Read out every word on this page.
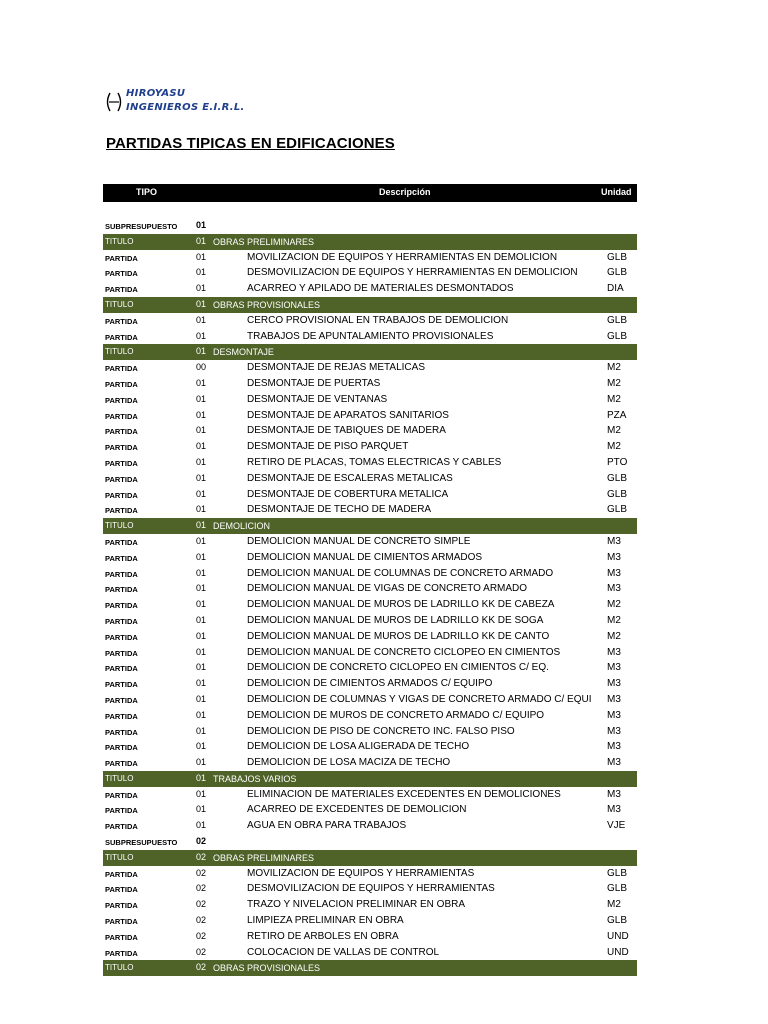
HIROYASU
INGENIEROS E.I.R.L.
PARTIDAS TIPICAS EN EDIFICACIONES
TIPO	Descripción	Unidad
SUBPRESUPUESTO 01
TITULO	01 OBRAS PRELIMINARES
PARTIDA	01	MOVILIZACION DE EQUIPOS Y HERRAMIENTAS EN DEMOLICION	GLB
PARTIDA	01	DESMOVILIZACION DE EQUIPOS Y HERRAMIENTAS EN DEMOLICION	GLB
PARTIDA	01	ACARREO Y APILADO DE MATERIALES DESMONTADOS	DIA
TITULO	01 OBRAS PROVISIONALES
PARTIDA	01	CERCO PROVISIONAL EN TRABAJOS DE DEMOLICION	GLB
PARTIDA	01	TRABAJOS DE APUNTALAMIENTO PROVISIONALES	GLB
TITULO	01 DESMONTAJE
PARTIDA	00	DESMONTAJE DE REJAS METALICAS	M2
PARTIDA	01	DESMONTAJE DE PUERTAS	M2
PARTIDA	01	DESMONTAJE DE VENTANAS	M2
PARTIDA	01	DESMONTAJE DE APARATOS SANITARIOS	PZA
PARTIDA	01	DESMONTAJE DE TABIQUES DE MADERA	M2
PARTIDA	01	DESMONTAJE DE PISO PARQUET	M2
PARTIDA	01	RETIRO DE PLACAS, TOMAS ELECTRICAS Y CABLES	PTO
PARTIDA	01	DESMONTAJE DE ESCALERAS METALICAS	GLB
PARTIDA	01	DESMONTAJE DE COBERTURA METALICA	GLB
PARTIDA	01	DESMONTAJE DE TECHO DE MADERA	GLB
TITULO	01 DEMOLICION
PARTIDA	01	DEMOLICION MANUAL DE CONCRETO SIMPLE	M3
PARTIDA	01	DEMOLICION MANUAL DE CIMIENTOS ARMADOS	M3
PARTIDA	01	DEMOLICION MANUAL DE COLUMNAS DE CONCRETO ARMADO	M3
PARTIDA	01	DEMOLICION MANUAL DE VIGAS DE CONCRETO ARMADO	M3
PARTIDA	01	DEMOLICION MANUAL DE MUROS DE LADRILLO KK DE CABEZA	M2
PARTIDA	01	DEMOLICION MANUAL DE MUROS DE LADRILLO KK DE SOGA	M2
PARTIDA	01	DEMOLICION MANUAL DE MUROS DE LADRILLO KK DE CANTO	M2
PARTIDA	01	DEMOLICION MANUAL DE CONCRETO CICLOPEO EN CIMIENTOS	M3
PARTIDA	01	DEMOLICION DE CONCRETO CICLOPEO EN CIMIENTOS C/ EQ.	M3
PARTIDA	01	DEMOLICION DE CIMIENTOS ARMADOS C/ EQUIPO	M3
PARTIDA	01	DEMOLICION DE COLUMNAS Y VIGAS DE CONCRETO ARMADO C/ EQUI	M3
PARTIDA	01	DEMOLICION DE MUROS DE CONCRETO ARMADO C/ EQUIPO	M3
PARTIDA	01	DEMOLICION DE PISO DE CONCRETO INC. FALSO PISO	M3
PARTIDA	01	DEMOLICION DE LOSA ALIGERADA DE TECHO	M3
PARTIDA	01	DEMOLICION DE LOSA MACIZA DE TECHO	M3
TITULO	01 TRABAJOS VARIOS
PARTIDA	01	ELIMINACION DE MATERIALES EXCEDENTES EN DEMOLICIONES	M3
PARTIDA	01	ACARREO DE EXCEDENTES DE DEMOLICION	M3
PARTIDA	01	AGUA EN OBRA PARA TRABAJOS	VJE
SUBPRESUPUESTO 02
TITULO	02 OBRAS PRELIMINARES
PARTIDA	02	MOVILIZACION DE EQUIPOS Y HERRAMIENTAS	GLB
PARTIDA	02	DESMOVILIZACION DE EQUIPOS Y HERRAMIENTAS	GLB
PARTIDA	02	TRAZO Y NIVELACION PRELIMINAR EN OBRA	M2
PARTIDA	02	LIMPIEZA PRELIMINAR EN OBRA	GLB
PARTIDA	02	RETIRO DE ARBOLES EN OBRA	UND
PARTIDA	02	COLOCACION DE VALLAS DE CONTROL	UND
TITULO	02 OBRAS PROVISIONALES
